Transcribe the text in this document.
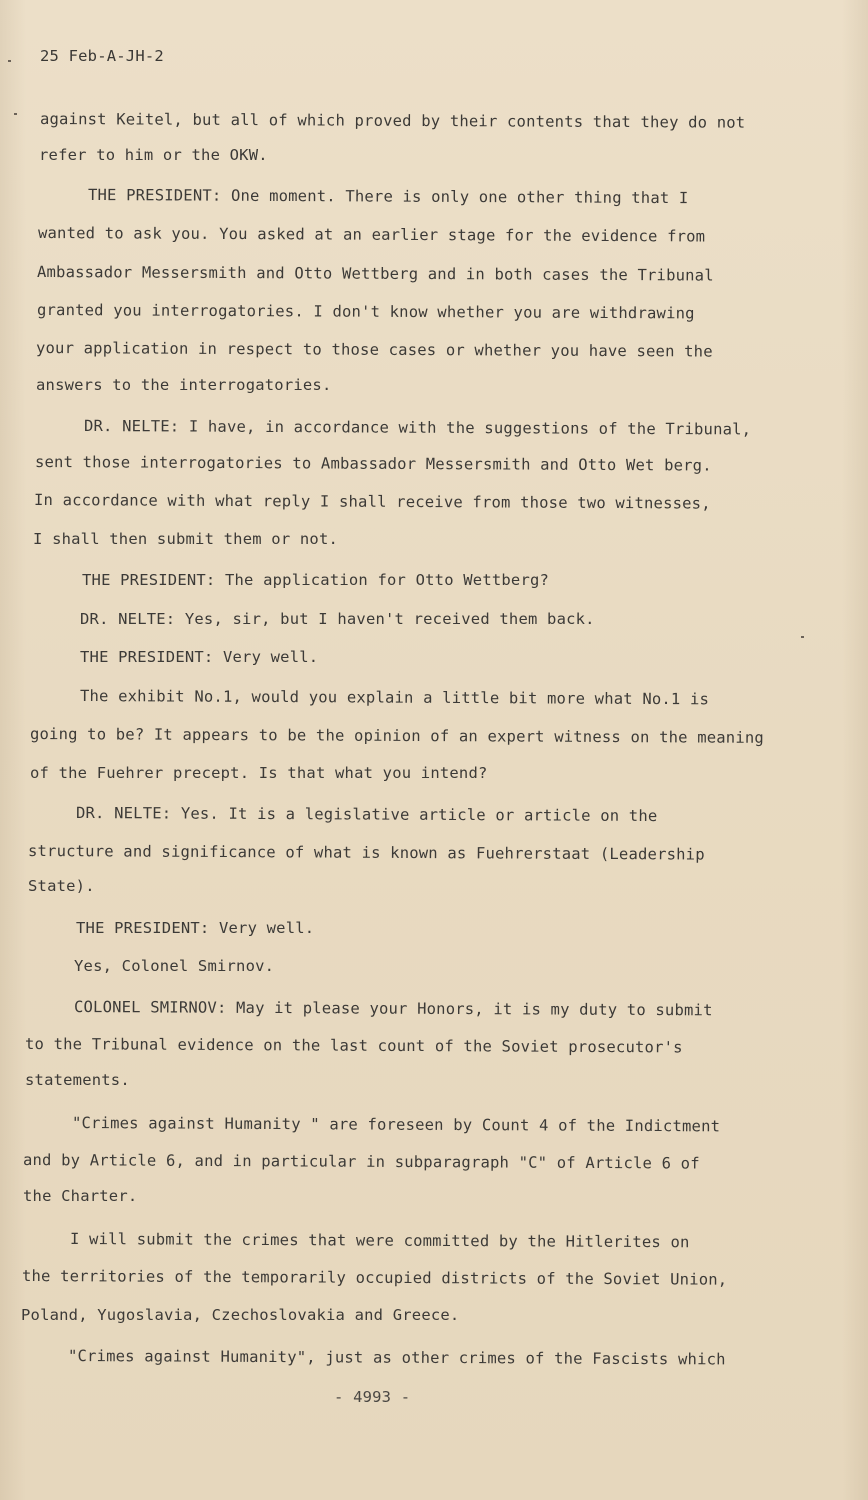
25 Feb-A-JH-2
against Keitel, but all of which proved by their contents that they do not
refer to him or the OKW.
THE PRESIDENT: One moment. There is only one other thing that I
wanted to ask you. You asked at an earlier stage for the evidence from
Ambassador Messersmith and Otto Wettberg and in both cases the Tribunal
granted you interrogatories. I don't know whether you are withdrawing
your application in respect to those cases or whether you have seen the
answers to the interrogatories.
DR. NELTE: I have, in accordance with the suggestions of the Tribunal,
sent those interrogatories to Ambassador Messersmith and Otto Wet berg.
In accordance with what reply I shall receive from those two witnesses,
I shall then submit them or not.
THE PRESIDENT: The application for Otto Wettberg?
DR. NELTE: Yes, sir, but I haven't received them back.
THE PRESIDENT: Very well.
The exhibit No.1, would you explain a little bit more what No.1 is
going to be? It appears to be the opinion of an expert witness on the meaning
of the Fuehrer precept. Is that what you intend?
DR. NELTE: Yes. It is a legislative article or article on the
structure and significance of what is known as Fuehrerstaat (Leadership
State).
THE PRESIDENT: Very well.
Yes, Colonel Smirnov.
COLONEL SMIRNOV: May it please your Honors, it is my duty to submit
to the Tribunal evidence on the last count of the Soviet prosecutor's
statements.
"Crimes against Humanity " are foreseen by Count 4 of the Indictment
and by Article 6, and in particular in subparagraph "C" of Article 6 of
the Charter.
I will submit the crimes that were committed by the Hitlerites on
the territories of the temporarily occupied districts of the Soviet Union,
Poland, Yugoslavia, Czechoslovakia and Greece.
"Crimes against Humanity", just as other crimes of the Fascists which
- 4993 -
